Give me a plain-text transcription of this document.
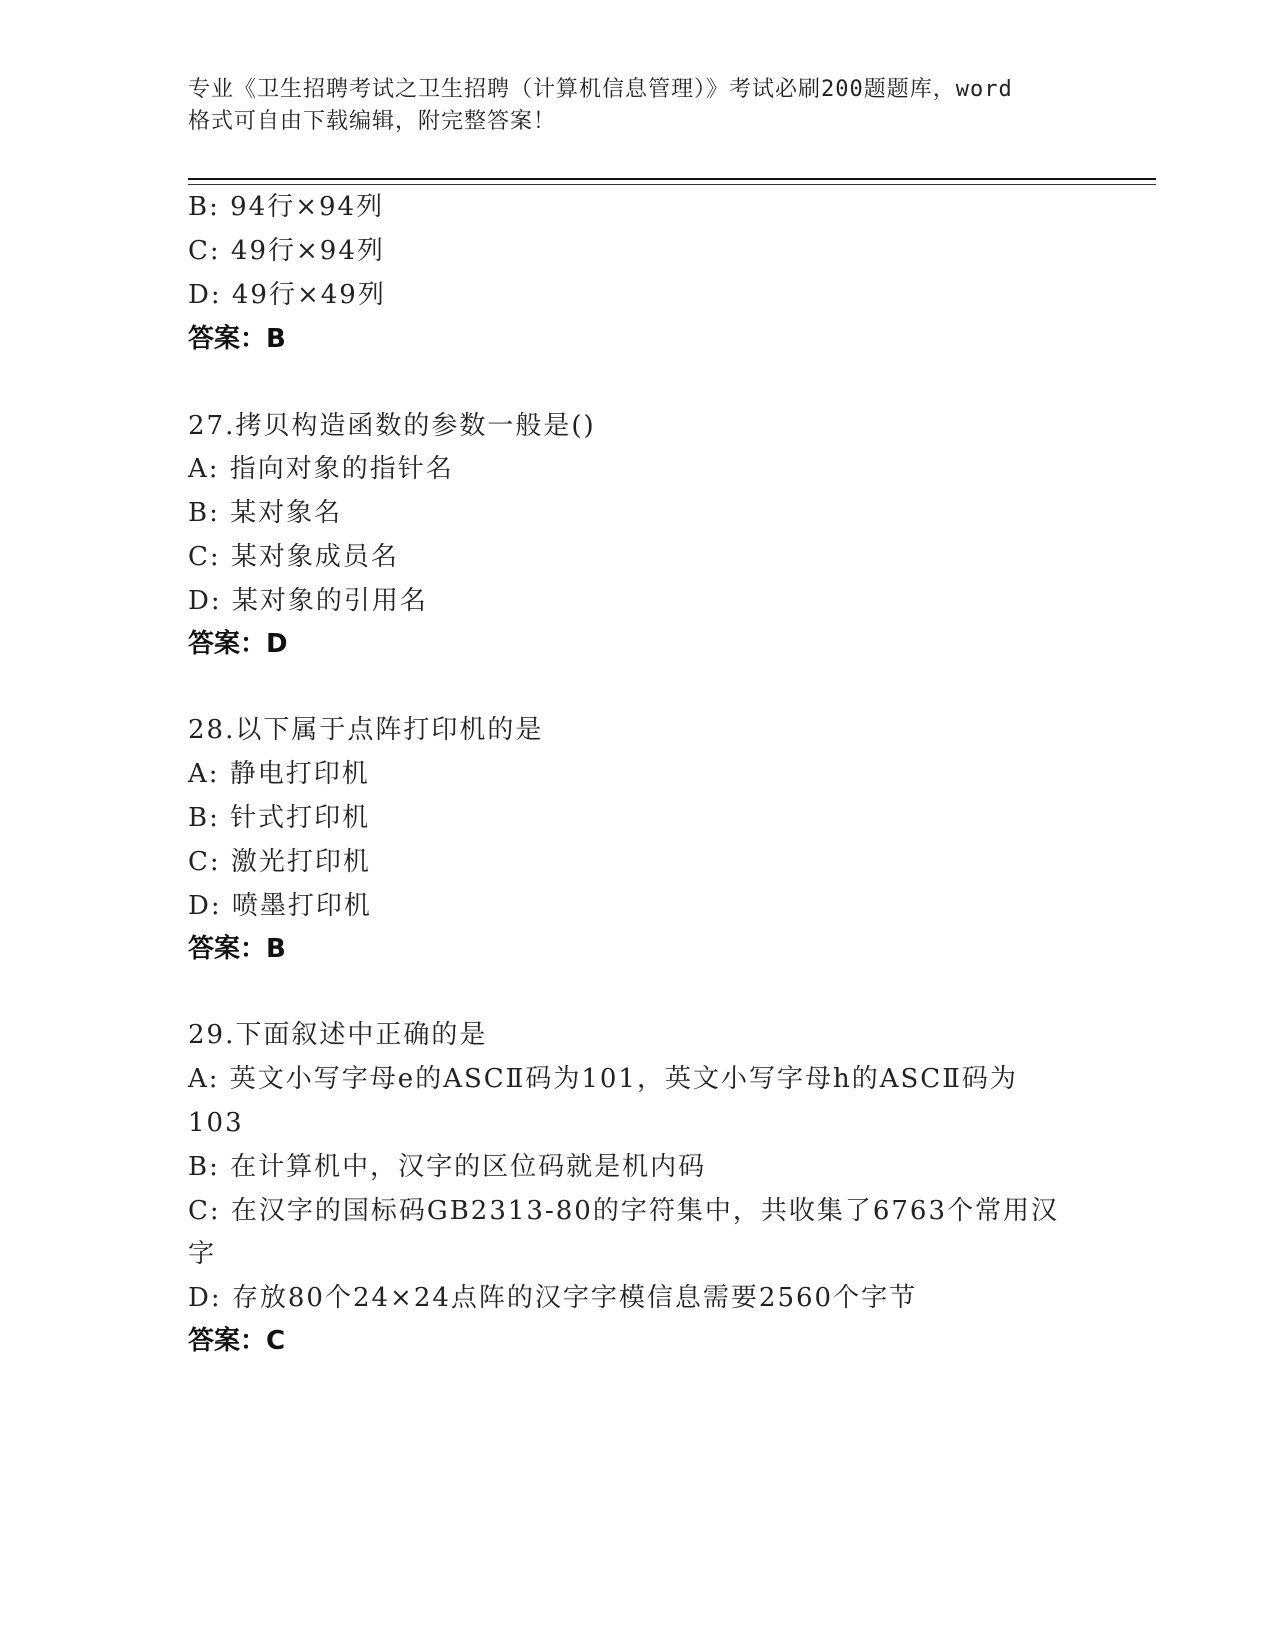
专业《卫生招聘考试之卫生招聘（计算机信息管理）》考试必刷200题题库，word
格式可自由下载编辑，附完整答案！
B: 94行×94列
C: 49行×94列
D: 49行×49列
答案：B
27.拷贝构造函数的参数一般是()
A: 指向对象的指针名
B: 某对象名
C: 某对象成员名
D: 某对象的引用名
答案：D
28.以下属于点阵打印机的是
A: 静电打印机
B: 针式打印机
C: 激光打印机
D: 喷墨打印机
答案：B
29.下面叙述中正确的是
A: 英文小写字母e的ASCⅡ码为101，英文小写字母h的ASCⅡ码为
103
B: 在计算机中，汉字的区位码就是机内码
C: 在汉字的国标码GB2313-80的字符集中，共收集了6763个常用汉
字
D: 存放80个24×24点阵的汉字字模信息需要2560个字节
答案：C
